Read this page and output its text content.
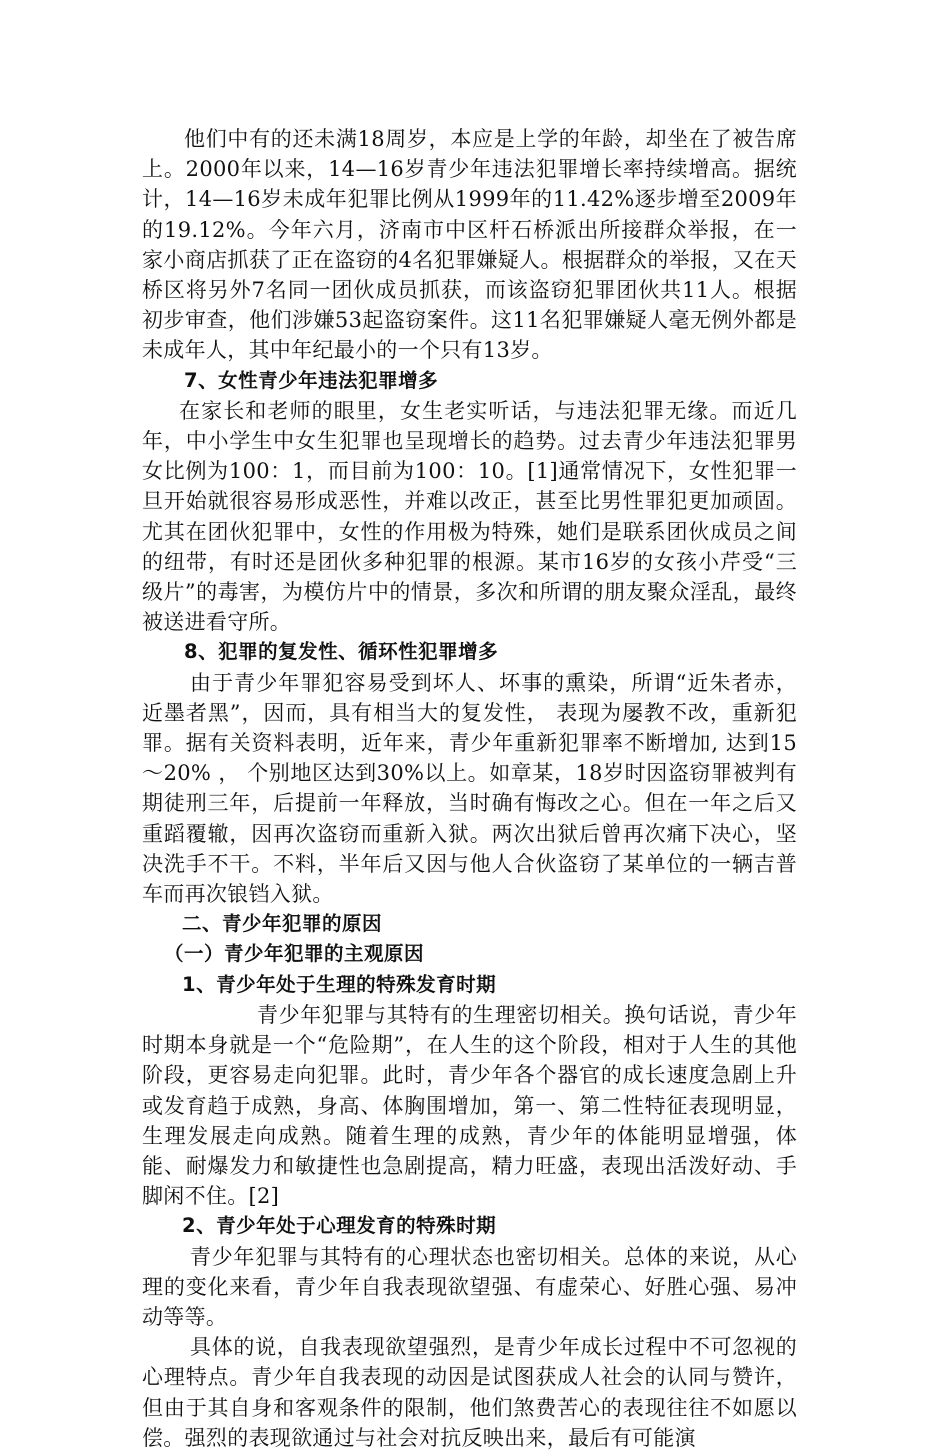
他们中有的还未满18周岁，本应是上学的年龄，却坐在了被告席上。2000年以来，14—16岁青少年违法犯罪增长率持续增高。据统计，14—16岁未成年犯罪比例从1999年的11.42%逐步增至2009年的19.12%。今年六月，济南市中区杆石桥派出所接群众举报，在一家小商店抓获了正在盗窃的4名犯罪嫌疑人。根据群众的举报，又在天桥区将另外7名同一团伙成员抓获，而该盗窃犯罪团伙共11人。根据初步审查，他们涉嫌53起盗窃案件。这11名犯罪嫌疑人毫无例外都是未成年人，其中年纪最小的一个只有13岁。

7、女性青少年违法犯罪增多

在家长和老师的眼里，女生老实听话，与违法犯罪无缘。而近几年，中小学生中女生犯罪也呈现增长的趋势。过去青少年违法犯罪男女比例为100：1，而目前为100：10。[1]通常情况下，女性犯罪一旦开始就很容易形成恶性，并难以改正，甚至比男性罪犯更加顽固。尤其在团伙犯罪中，女性的作用极为特殊，她们是联系团伙成员之间的纽带，有时还是团伙多种犯罪的根源。某市16岁的女孩小芹受“三级片”的毒害，为模仿片中的情景，多次和所谓的朋友聚众淫乱，最终被送进看守所。

8、犯罪的复发性、循环性犯罪增多

由于青少年罪犯容易受到坏人、坏事的熏染，所谓“近朱者赤，近墨者黑”，因而，具有相当大的复发性， 表现为屡教不改，重新犯罪。据有关资料表明，近年来，青少年重新犯罪率不断增加, 达到15～20% ， 个别地区达到30%以上。如章某，18岁时因盗窃罪被判有期徒刑三年，后提前一年释放，当时确有悔改之心。但在一年之后又重蹈覆辙，因再次盗窃而重新入狱。两次出狱后曾再次痛下决心，坚决洗手不干。不料，半年后又因与他人合伙盗窃了某单位的一辆吉普车而再次锒铛入狱。

二、青少年犯罪的原因

（一）青少年犯罪的主观原因

1、青少年处于生理的特殊发育时期

青少年犯罪与其特有的生理密切相关。换句话说，青少年时期本身就是一个“危险期”，在人生的这个阶段，相对于人生的其他阶段，更容易走向犯罪。此时，青少年各个器官的成长速度急剧上升或发育趋于成熟，身高、体胸围增加，第一、第二性特征表现明显，生理发展走向成熟。随着生理的成熟，青少年的体能明显增强，体能、耐爆发力和敏捷性也急剧提高，精力旺盛，表现出活泼好动、手脚闲不住。[2]

2、青少年处于心理发育的特殊时期

青少年犯罪与其特有的心理状态也密切相关。总体的来说，从心理的变化来看，青少年自我表现欲望强、有虚荣心、好胜心强、易冲动等等。

具体的说，自我表现欲望强烈，是青少年成长过程中不可忽视的心理特点。青少年自我表现的动因是试图获成人社会的认同与赞许，但由于其自身和客观条件的限制，他们煞费苦心的表现往往不如愿以偿。强烈的表现欲通过与社会对抗反映出来，最后有可能演
